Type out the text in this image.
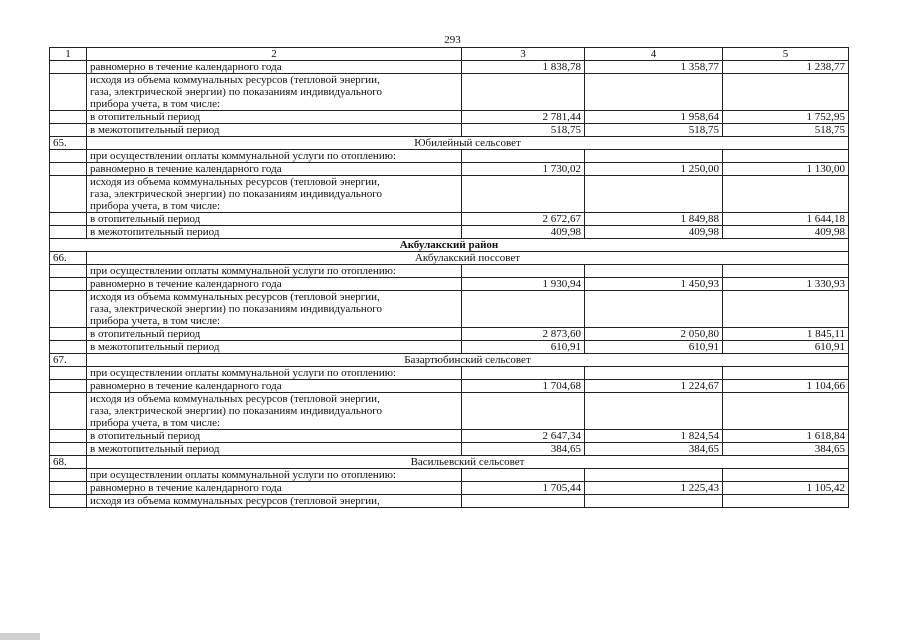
293
1	2	3	4	5
	равномерно в течение календарного года	1 838,78	1 358,77	1 238,77

	исходя из объема коммунальных ресурсов (тепловой энергии,
газа, электрической энергии) по показаниям индивидуального
прибора учета, в том числе:			

	в отопительный период	2 781,44	1 958,64	1 752,95
	в межотопительный период	518,75	518,75	518,75
65.	Юбилейный сельсовет			
	при осуществлении оплаты коммунальной услуги по отоплению:			
	равномерно в течение календарного года	1 730,02	1 250,00	1 130,00

	исходя из объема коммунальных ресурсов (тепловой энергии,
газа, электрической энергии) по показаниям индивидуального
прибора учета, в том числе:			

	в отопительный период	2 672,67	1 849,88	1 644,18
	в межотопительный период	409,98	409,98	409,98
Акбулакский район				
66.	Акбулакский поссовет			
	при осуществлении оплаты коммунальной услуги по отоплению:			
	равномерно в течение календарного года	1 930,94	1 450,93	1 330,93

	исходя из объема коммунальных ресурсов (тепловой энергии,
газа, электрической энергии) по показаниям индивидуального
прибора учета, в том числе:			

	в отопительный период	2 873,60	2 050,80	1 845,11
	в межотопительный период	610,91	610,91	610,91
67.	Базартюбинский сельсовет			
	при осуществлении оплаты коммунальной услуги по отоплению:			
	равномерно в течение календарного года	1 704,68	1 224,67	1 104,66

	исходя из объема коммунальных ресурсов (тепловой энергии,
газа, электрической энергии) по показаниям индивидуального
прибора учета, в том числе:			

	в отопительный период	2 647,34	1 824,54	1 618,84
	в межотопительный период	384,65	384,65	384,65
68.	Васильевский сельсовет			
	при осуществлении оплаты коммунальной услуги по отоплению:			
	равномерно в течение календарного года	1 705,44	1 225,43	1 105,42
	исходя из объема коммунальных ресурсов (тепловой энергии,			
